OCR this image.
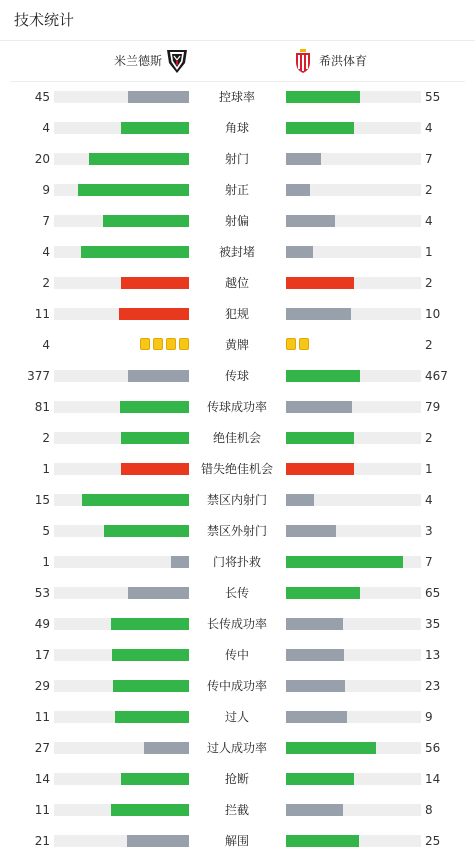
技术统计
米兰德斯	希洪体育
45	控球率	55
4	角球	4
20	射门	7
9	射正	2
7	射偏	4
4	被封堵	1
2	越位	2
11	犯规	10
4	黄牌	2
377	传球	467
81	传球成功率	79
2	绝佳机会	2
1	错失绝佳机会	1
15	禁区内射门	4
5	禁区外射门	3
1	门将扑救	7
53	长传	65
49	长传成功率	35
17	传中	13
29	传中成功率	23
11	过人	9
27	过人成功率	56
14	抢断	14
11	拦截	8
21	解围	25
